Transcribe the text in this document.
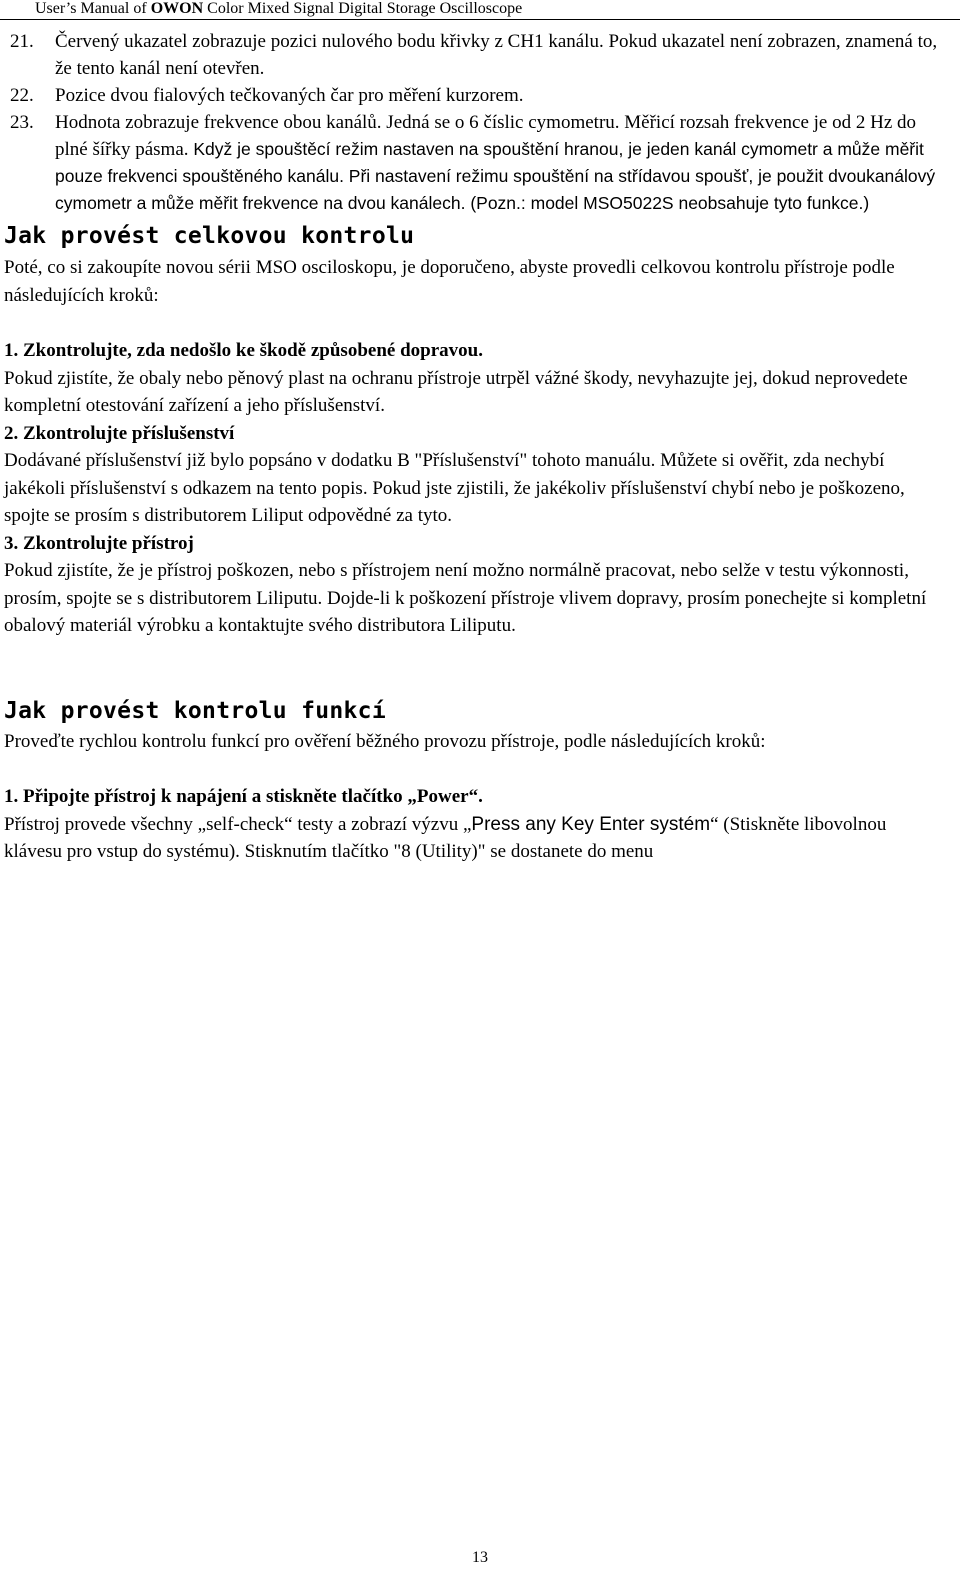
User’s Manual of OWON Color Mixed Signal Digital Storage Oscilloscope
21.	Červený ukazatel zobrazuje pozici nulového bodu křivky z CH1 kanálu. Pokud ukazatel není zobrazen, znamená to, že tento kanál není otevřen.
22.	Pozice dvou fialových tečkovaných čar pro měření kurzorem.
23.	Hodnota zobrazuje frekvence obou kanálů. Jedná se o 6 číslic cymometru. Měřicí rozsah frekvence je od 2 Hz do plné šířky pásma. Když je spouštěcí režim nastaven na spouštění hranou, je jeden kanál cymometr a může měřit pouze frekvenci spouštěného kanálu. Při nastavení režimu spouštění na střídavou spoušť, je použit dvoukanálový cymometr a může měřit frekvence na dvou kanálech. (Pozn.: model MSO5022S neobsahuje tyto funkce.)
Jak provést celkovou kontrolu

Poté, co si zakoupíte novou sérii MSO osciloskopu, je doporučeno, abyste provedli celkovou kontrolu přístroje podle následujících kroků:

1. Zkontrolujte, zda nedošlo ke škodě způsobené dopravou.

Pokud zjistíte, že obaly nebo pěnový plast na ochranu přístroje utrpěl vážné škody, nevyhazujte jej, dokud neprovedete kompletní otestování zařízení a jeho příslušenství.

2. Zkontrolujte příslušenství

Dodávané příslušenství již bylo popsáno v dodatku B "Příslušenství" tohoto manuálu. Můžete si ověřit, zda nechybí jakékoli příslušenství s odkazem na tento popis. Pokud jste zjistili, že jakékoliv příslušenství chybí nebo je poškozeno, spojte se prosím s distributorem Liliput odpovědné za tyto.

3. Zkontrolujte přístroj

Pokud zjistíte, že je přístroj poškozen, nebo s přístrojem není možno normálně pracovat, nebo selže v testu výkonnosti, prosím, spojte se s distributorem Liliputu. Dojde-li k poškození přístroje vlivem dopravy, prosím ponechejte si kompletní obalový materiál výrobku a kontaktujte svého distributora Liliputu.

Jak provést kontrolu funkcí

Proveďte rychlou kontrolu funkcí pro ověření běžného provozu přístroje, podle následujících kroků:

1. Připojte přístroj k napájení a stiskněte tlačítko „Power“.

Přístroj provede všechny „self-check“ testy a zobrazí výzvu „Press any Key Enter systém“ (Stiskněte libovolnou klávesu pro vstup do systému). Stisknutím tlačítko "8 (Utility)" se dostanete do menu

13
